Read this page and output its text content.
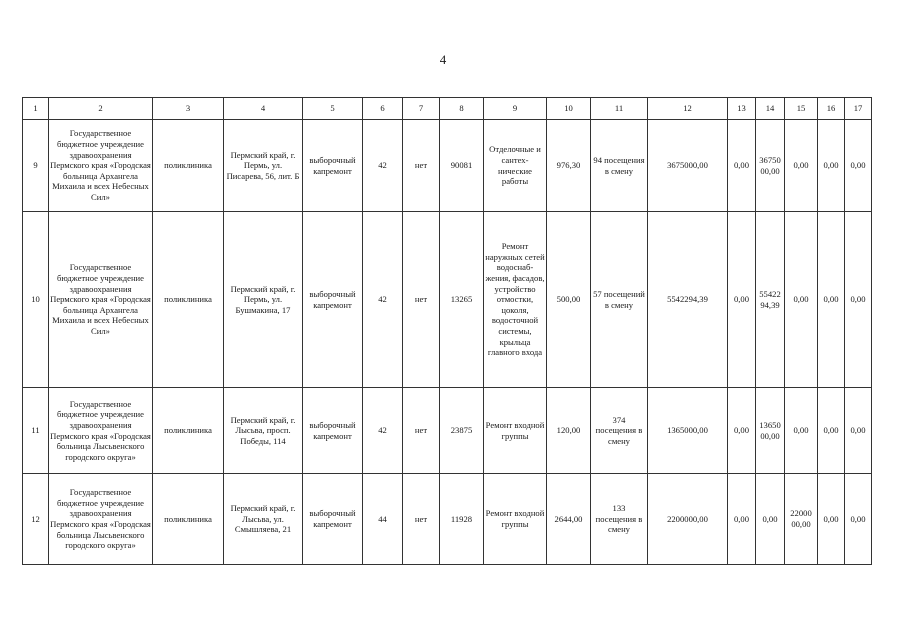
4
1	2	3	4	5	6	7	8	9	10	11	12	13	14	15	16	17
9	Государственное бюджетное учреждение здравоохранения Пермского края «Городская больница Архангела Михаила и всех Небесных Сил»	поликлиника	Пермский край, г. Пермь, ул. Писарева, 56, лит. Б	выборочный капремонт	42	нет	90081	Отделочные и сантех-нические работы	976,30	94 посещения в смену	3675000,00	0,00	36750 00,00	0,00	0,00	0,00
10	Государственное бюджетное учреждение здравоохранения Пермского края «Городская больница Архангела Михаила и всех Небесных Сил»	поликлиника	Пермский край, г. Пермь, ул. Бушмакина, 17	выборочный капремонт	42	нет	13265	Ремонт наружных сетей водоснаб-жения, фасадов, устройство отмостки, цоколя, водосточной системы, крыльца главного входа	500,00	57 посещений в смену	5542294,39	0,00	55422 94,39	0,00	0,00	0,00
11	Государственное бюджетное учреждение здравоохранения Пермского края «Городская больница Лысьвенского городского округа»	поликлиника	Пермский край, г. Лысьва, просп. Победы, 114	выборочный капремонт	42	нет	23875	Ремонт входной группы	120,00	374 посещения в смену	1365000,00	0,00	13650 00,00	0,00	0,00	0,00
12	Государственное бюджетное учреждение здравоохранения Пермского края «Городская больница Лысьвенского городского округа»	поликлиника	Пермский край, г. Лысьва, ул. Смышляева, 21	выборочный капремонт	44	нет	11928	Ремонт входной группы	2644,00	133 посещения в смену	2200000,00	0,00	0,00	22000 00,00	0,00	0,00
